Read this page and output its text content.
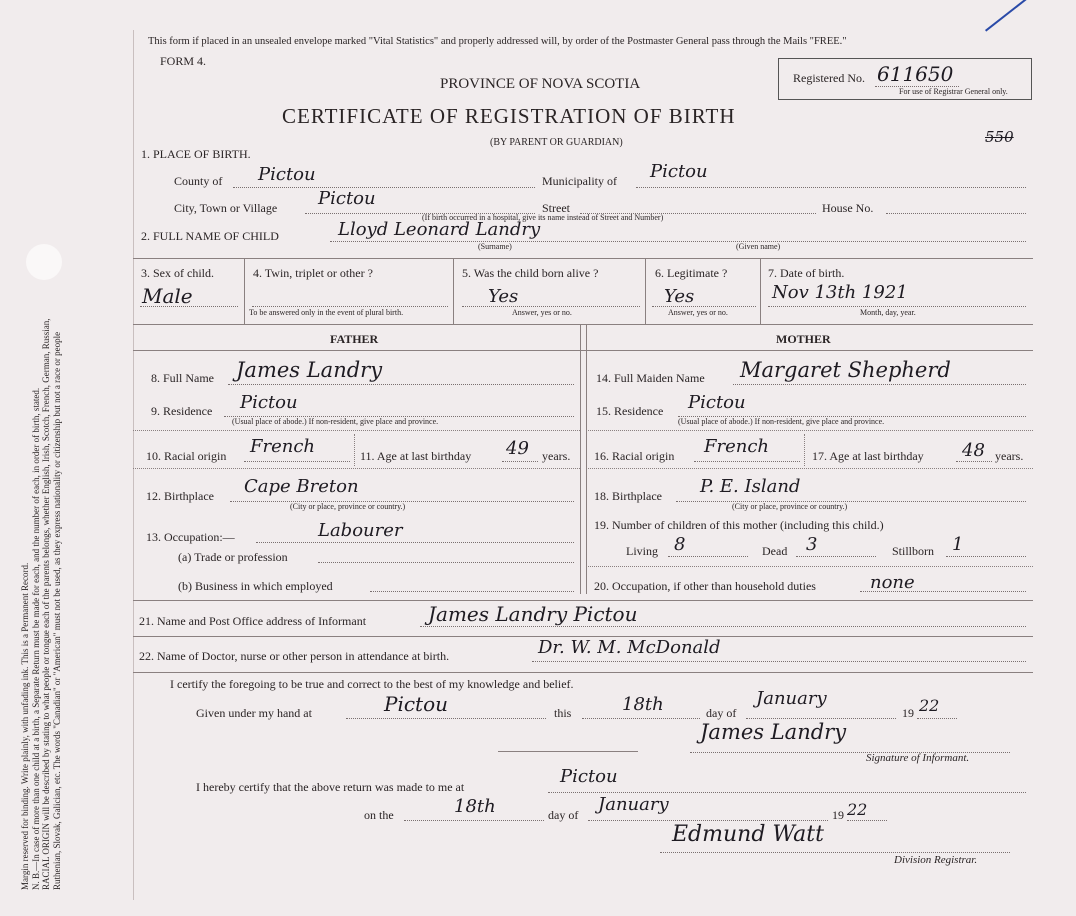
Margin reserved for binding. Write plainly, with unfading ink. This is a Permanent Record. N. B.—In case of more than one child at a birth, a Separate Return must be made for each, and the number of each, in order of birth, stated. RACIAL ORIGIN will be described by stating to what people or tongue each of the parents belongs, whether English, Irish, Scotch, French, German, Russian, Ruthenian, Slovak, Galician, etc. The words "Canadian" or "American" must not be used, as they express nationality or citizenship but not a race or people
This form if placed in an unsealed envelope marked "Vital Statistics" and properly addressed will, by order of the Postmaster General pass through the Mails "FREE."
FORM 4.
PROVINCE OF NOVA SCOTIA
CERTIFICATE OF REGISTRATION OF BIRTH
(BY PARENT OR GUARDIAN)
Registered No. 611650
For use of Registrar General only.
550
1. PLACE OF BIRTH.
County of Pictou	Municipality of Pictou
City, Town or Village Pictou	Street	House No.
(If birth occurred in a hospital, give its name instead of Street and Number)
2. FULL NAME OF CHILD	Lloyd Leonard Landry
(Surname)	(Given name)
3. Sex of child.
Male
4. Twin, triplet or other ?
To be answered only in the event of plural birth.
5. Was the child born alive ?
Yes
Answer, yes or no.
6. Legitimate ?
Yes
Answer, yes or no.
7. Date of birth.
Nov 13th 1921
Month, day, year.
FATHER	MOTHER
8. Full Name James Landry
9. Residence Pictou
(Usual place of abode.) If non-resident, give place and province.
10. Racial origin French	11. Age at last birthday 49 years.
12. Birthplace Cape Breton
(City or place, province or country.)
13. Occupation:—	Labourer
(a) Trade or profession
(b) Business in which employed
14. Full Maiden Name Margaret Shepherd
15. Residence Pictou
(Usual place of abode.) If non-resident, give place and province.
16. Racial origin French	17. Age at last birthday 48 years.
18. Birthplace P. E. Island
(City or place, province or country.)
19. Number of children of this mother (including this child.)
Living 8	Dead 3	Stillborn 1
20. Occupation, if other than household duties	none
21. Name and Post Office address of Informant	James Landry Pictou
22. Name of Doctor, nurse or other person in attendance at birth.	Dr. W. M. McDonald
I certify the foregoing to be true and correct to the best of my knowledge and belief.
Given under my hand at	Pictou	this	18th	day of
January
19 22
James Landry
Signature of Informant.
I hereby certify that the above return was made to me at	Pictou
on the	18th	day of January	19 22
Edmund Watt
Division Registrar.
